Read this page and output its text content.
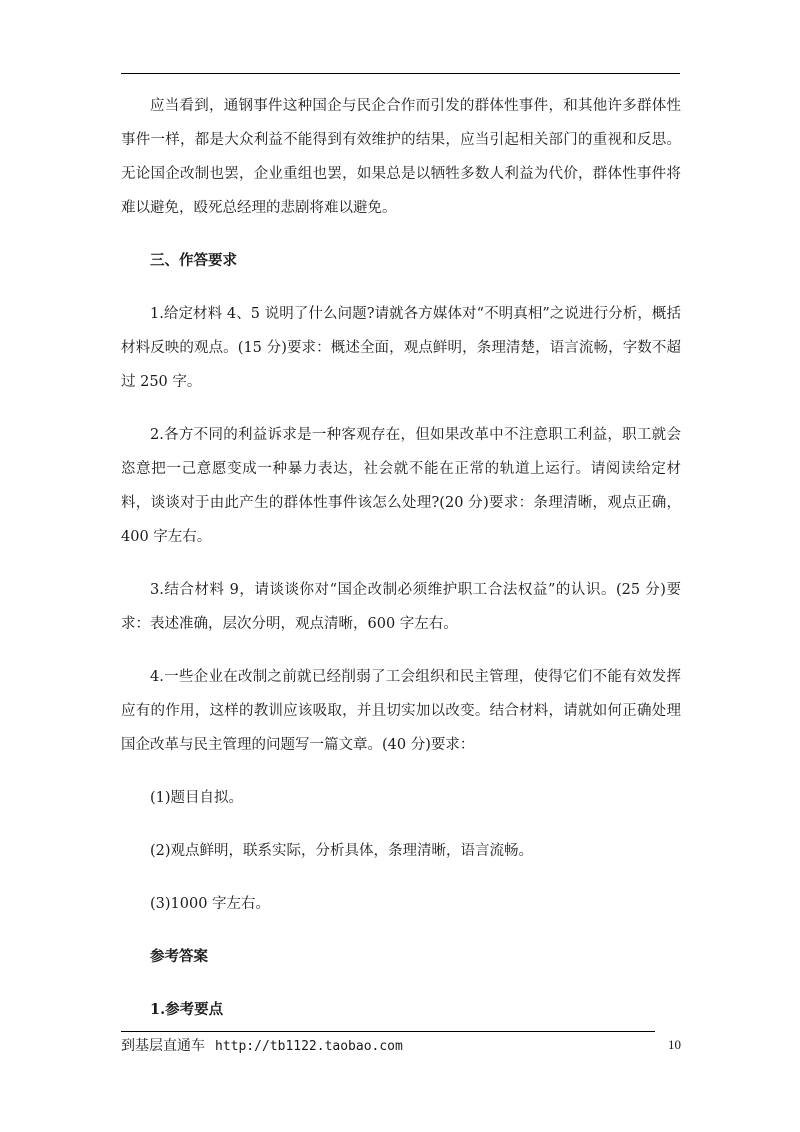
应当看到，通钢事件这种国企与民企合作而引发的群体性事件，和其他许多群体性事件一样，都是大众利益不能得到有效维护的结果，应当引起相关部门的重视和反思。无论国企改制也罢，企业重组也罢，如果总是以牺牲多数人利益为代价，群体性事件将难以避免，殴死总经理的悲剧将难以避免。

三、作答要求

1.给定材料 4、5 说明了什么问题?请就各方媒体对“不明真相”之说进行分析，概括材料反映的观点。(15 分)要求：概述全面，观点鲜明，条理清楚，语言流畅，字数不超过 250 字。

2.各方不同的利益诉求是一种客观存在，但如果改革中不注意职工利益，职工就会恣意把一己意愿变成一种暴力表达，社会就不能在正常的轨道上运行。请阅读给定材料，谈谈对于由此产生的群体性事件该怎么处理?(20 分)要求：条理清晰，观点正确，400 字左右。

3.结合材料 9，请谈谈你对“国企改制必须维护职工合法权益”的认识。(25 分)要求：表述准确，层次分明，观点清晰，600 字左右。

4.一些企业在改制之前就已经削弱了工会组织和民主管理，使得它们不能有效发挥应有的作用，这样的教训应该吸取，并且切实加以改变。结合材料，请就如何正确处理国企改革与民主管理的问题写一篇文章。(40 分)要求：

(1)题目自拟。

(2)观点鲜明，联系实际，分析具体，条理清晰，语言流畅。

(3)1000 字左右。

参考答案

1.参考要点

到基层直通车 http://tb1122.taobao.com	10
